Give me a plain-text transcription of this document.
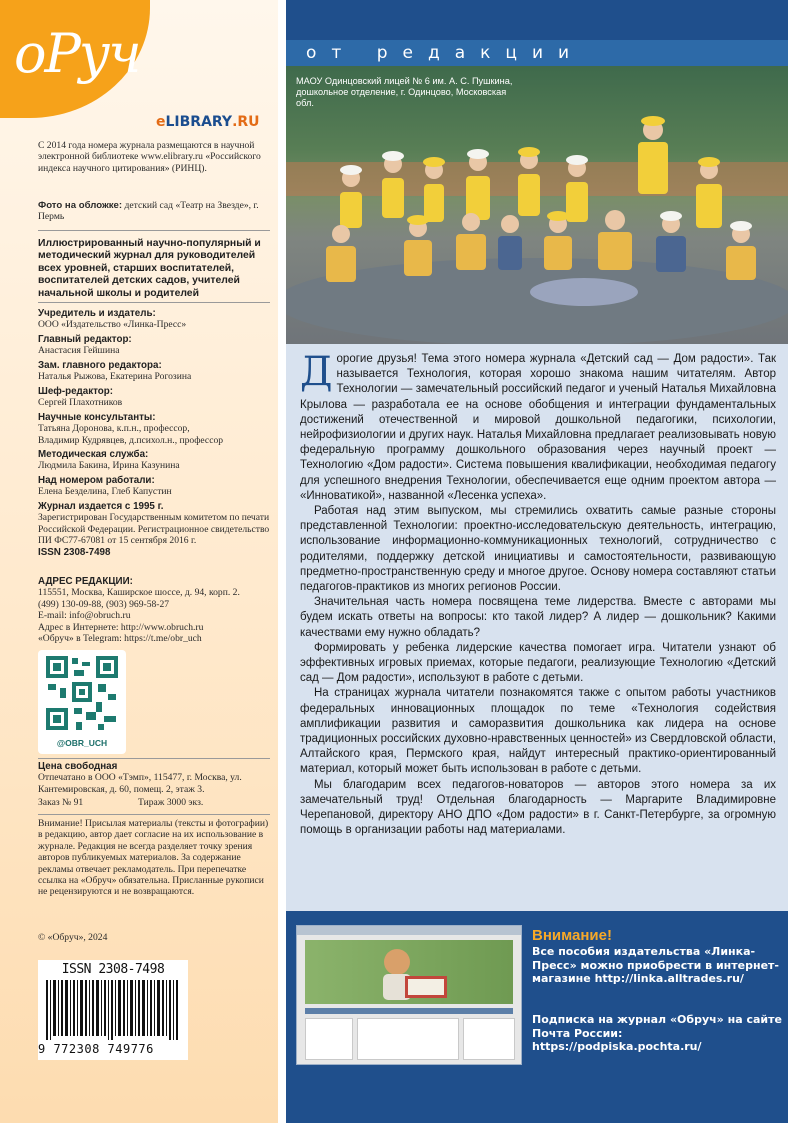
oРуч
eLIBRARY.RU
С 2014 года номера журнала размещаются в научной электронной библиотеке www.elibrary.ru «Российского индекса научного цитирования» (РИНЦ).
Фото на обложке: детский сад «Театр на Звезде», г. Пермь
Иллюстрированный научно-популярный и методический журнал для руководителей всех уровней, старших воспитателей, воспитателей детских садов, учителей начальной школы и родителей
Учредитель и издатель:
ООО «Издательство «Линка-Пресс»
Главный редактор:
Анастасия Гейшина
Зам. главного редактора:
Наталья Рыжова, Екатерина Рогозина
Шеф-редактор:
Сергей Плахотников
Научные консультанты:
Татьяна Доронова, к.п.н., профессор,
Владимир Кудрявцев, д.психол.н., профессор
Методическая служба:
Людмила Бакина, Ирина Казунина
Над номером работали:
Елена Безделина, Глеб Капустин
Журнал издается с 1995 г.
Зарегистрирован Государственным комитетом по печати Российской Федерации. Регистрационное свидетельство ПИ ФС77-67081 от 15 сентября 2016 г.
ISSN 2308-7498
АДРЕС РЕДАКЦИИ:
115551, Москва, Каширское шоссе, д. 94, корп. 2.
(499) 130-09-88, (903) 969-58-27
E-mail: info@obruch.ru
Адрес в Интернете: http://www.obruch.ru
«Обруч» в Telegram: https://t.me/obr_uch
@OBR_UCH
Цена свободная
Отпечатано в ООО «Тэмп», 115477, г. Москва, ул. Кантемировская, д. 60, помещ. 2, этаж 3.
Заказ № 91	Тираж 3000 экз.
Внимание! Присылая материалы (тексты и фотографии) в редакцию, автор дает согласие на их использование в журнале. Редакция не всегда разделяет точку зрения авторов публикуемых материалов. За содержание рекламы отвечает рекламодатель. При перепечатке ссылка на «Обруч» обязательна. Присланные рукописи не рецензируются и не возвращаются.
© «Обруч», 2024
ISSN 2308-7498
9 772308 749776
от редакции
МАОУ Одинцовский лицей № 6 им. А. С. Пушкина, дошкольное отделение, г. Одинцово, Московская обл.

Дорогие друзья! Тема этого номера журнала «Детский сад — Дом радости». Так называется Технология, которая хорошо знакома нашим читателям. Автор Технологии — замечательный российский педагог и ученый Наталья Михайловна Крылова — разработала ее на основе обобщения и интеграции фундаментальных достижений отечественной и мировой дошкольной педагогики, психологии, нейрофизиологии и других наук. Наталья Михайловна предлагает реализовывать новую федеральную программу дошкольного образования через научный проект — Технологию «Дом радости». Система повышения квалификации, необходимая педагогу для успешного внедрения Технологии, обеспечивается еще одним проектом автора — «Инноватикой», названной «Лесенка успеха».

Работая над этим выпуском, мы стремились охватить самые разные стороны представленной Технологии: проектно-исследовательскую деятельность, интеграцию, использование информационно-коммуникационных технологий, сотрудничество с родителями, поддержку детской инициативы и самостоятельности, развивающую предметно-пространственную среду и многое другое. Основу номера составляют статьи педагогов-практиков из многих регионов России.

Значительная часть номера посвящена теме лидерства. Вместе с авторами мы будем искать ответы на вопросы: кто такой лидер? А лидер — дошкольник? Какими качествами ему нужно обладать?

Формировать у ребенка лидерские качества помогает игра. Читатели узнают об эффективных игровых приемах, которые педагоги, реализующие Технологию «Детский сад — Дом радости», используют в работе с детьми.

На страницах журнала читатели познакомятся также с опытом работы участников федеральных инновационных площадок по теме «Технология содействия амплификации развития и саморазвития дошкольника как лидера на основе традиционных российских духовно-нравственных ценностей» из Свердловской области, Алтайского края, Пермского края, найдут интересный практико-ориентированный материал, который может быть использован в работе с детьми.

Мы благодарим всех педагогов-новаторов — авторов этого номера за их замечательный труд! Отдельная благодарность — Маргарите Владимировне Черепановой, директору АНО ДПО «Дом радости» в г. Санкт-Петербурге, за огромную помощь в организации работы над материалами.

Внимание!
Все пособия издательства «Линка-Пресс» можно приобрести в интернет-магазине http://linka.alltrades.ru/
Подписка на журнал «Обруч» на сайте Почта России: https://podpiska.pochta.ru/
